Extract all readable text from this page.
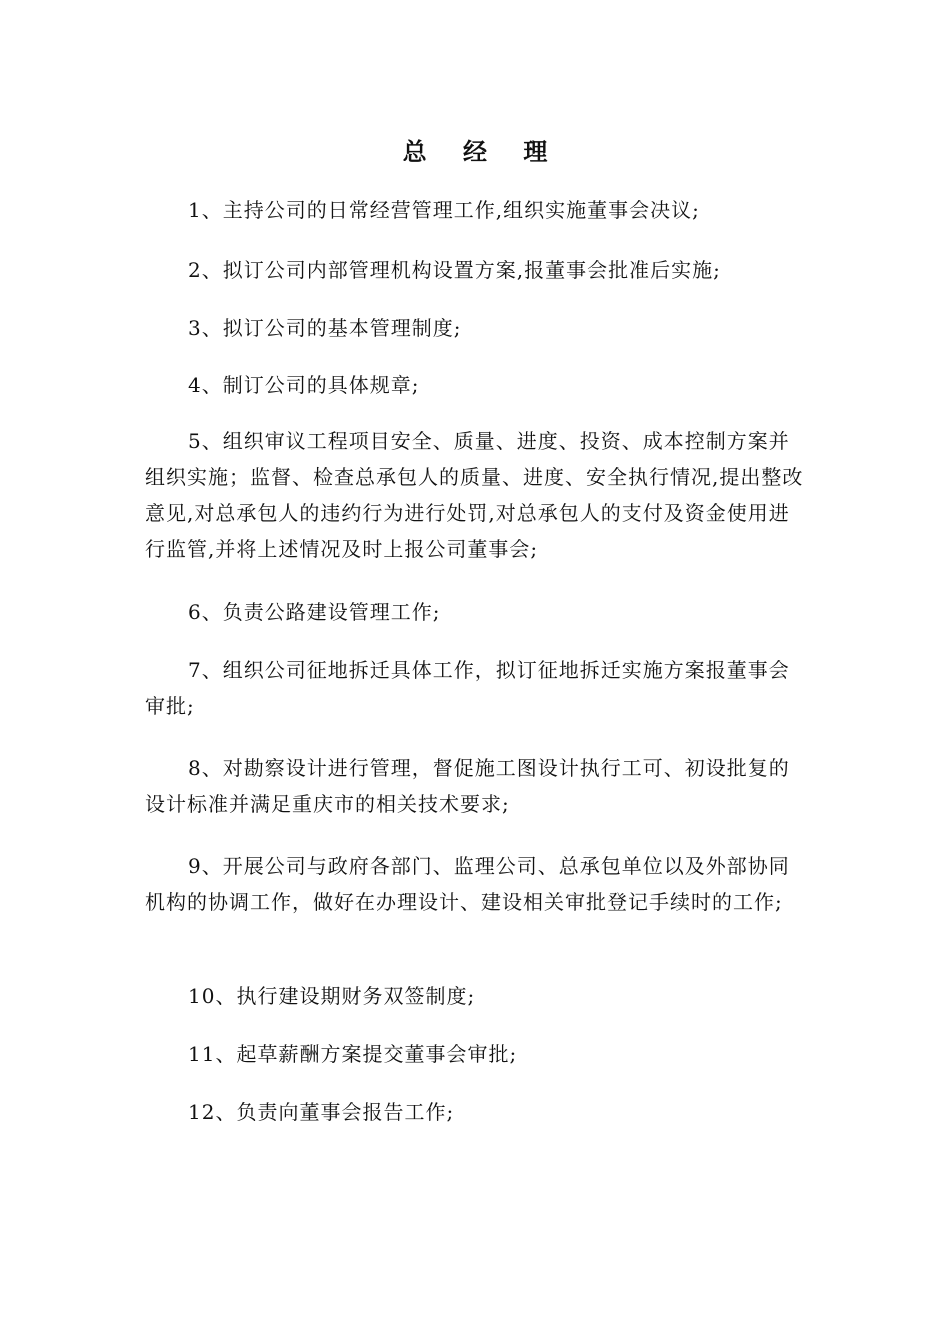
总 经 理
1、主持公司的日常经营管理工作,组织实施董事会决议;
2、拟订公司内部管理机构设置方案,报董事会批准后实施;
3、拟订公司的基本管理制度;
4、制订公司的具体规章;
5、组织审议工程项目安全、质量、进度、投资、成本控制方案并组织实施；监督、检查总承包人的质量、进度、安全执行情况,提出整改意见,对总承包人的违约行为进行处罚,对总承包人的支付及资金使用进行监管,并将上述情况及时上报公司董事会;
6、负责公路建设管理工作;
7、组织公司征地拆迁具体工作，拟订征地拆迁实施方案报董事会审批;
8、对勘察设计进行管理，督促施工图设计执行工可、初设批复的设计标准并满足重庆市的相关技术要求;
9、开展公司与政府各部门、监理公司、总承包单位以及外部协同机构的协调工作，做好在办理设计、建设相关审批登记手续时的工作;
10、执行建设期财务双签制度;
11、起草薪酬方案提交董事会审批;
12、负责向董事会报告工作;
